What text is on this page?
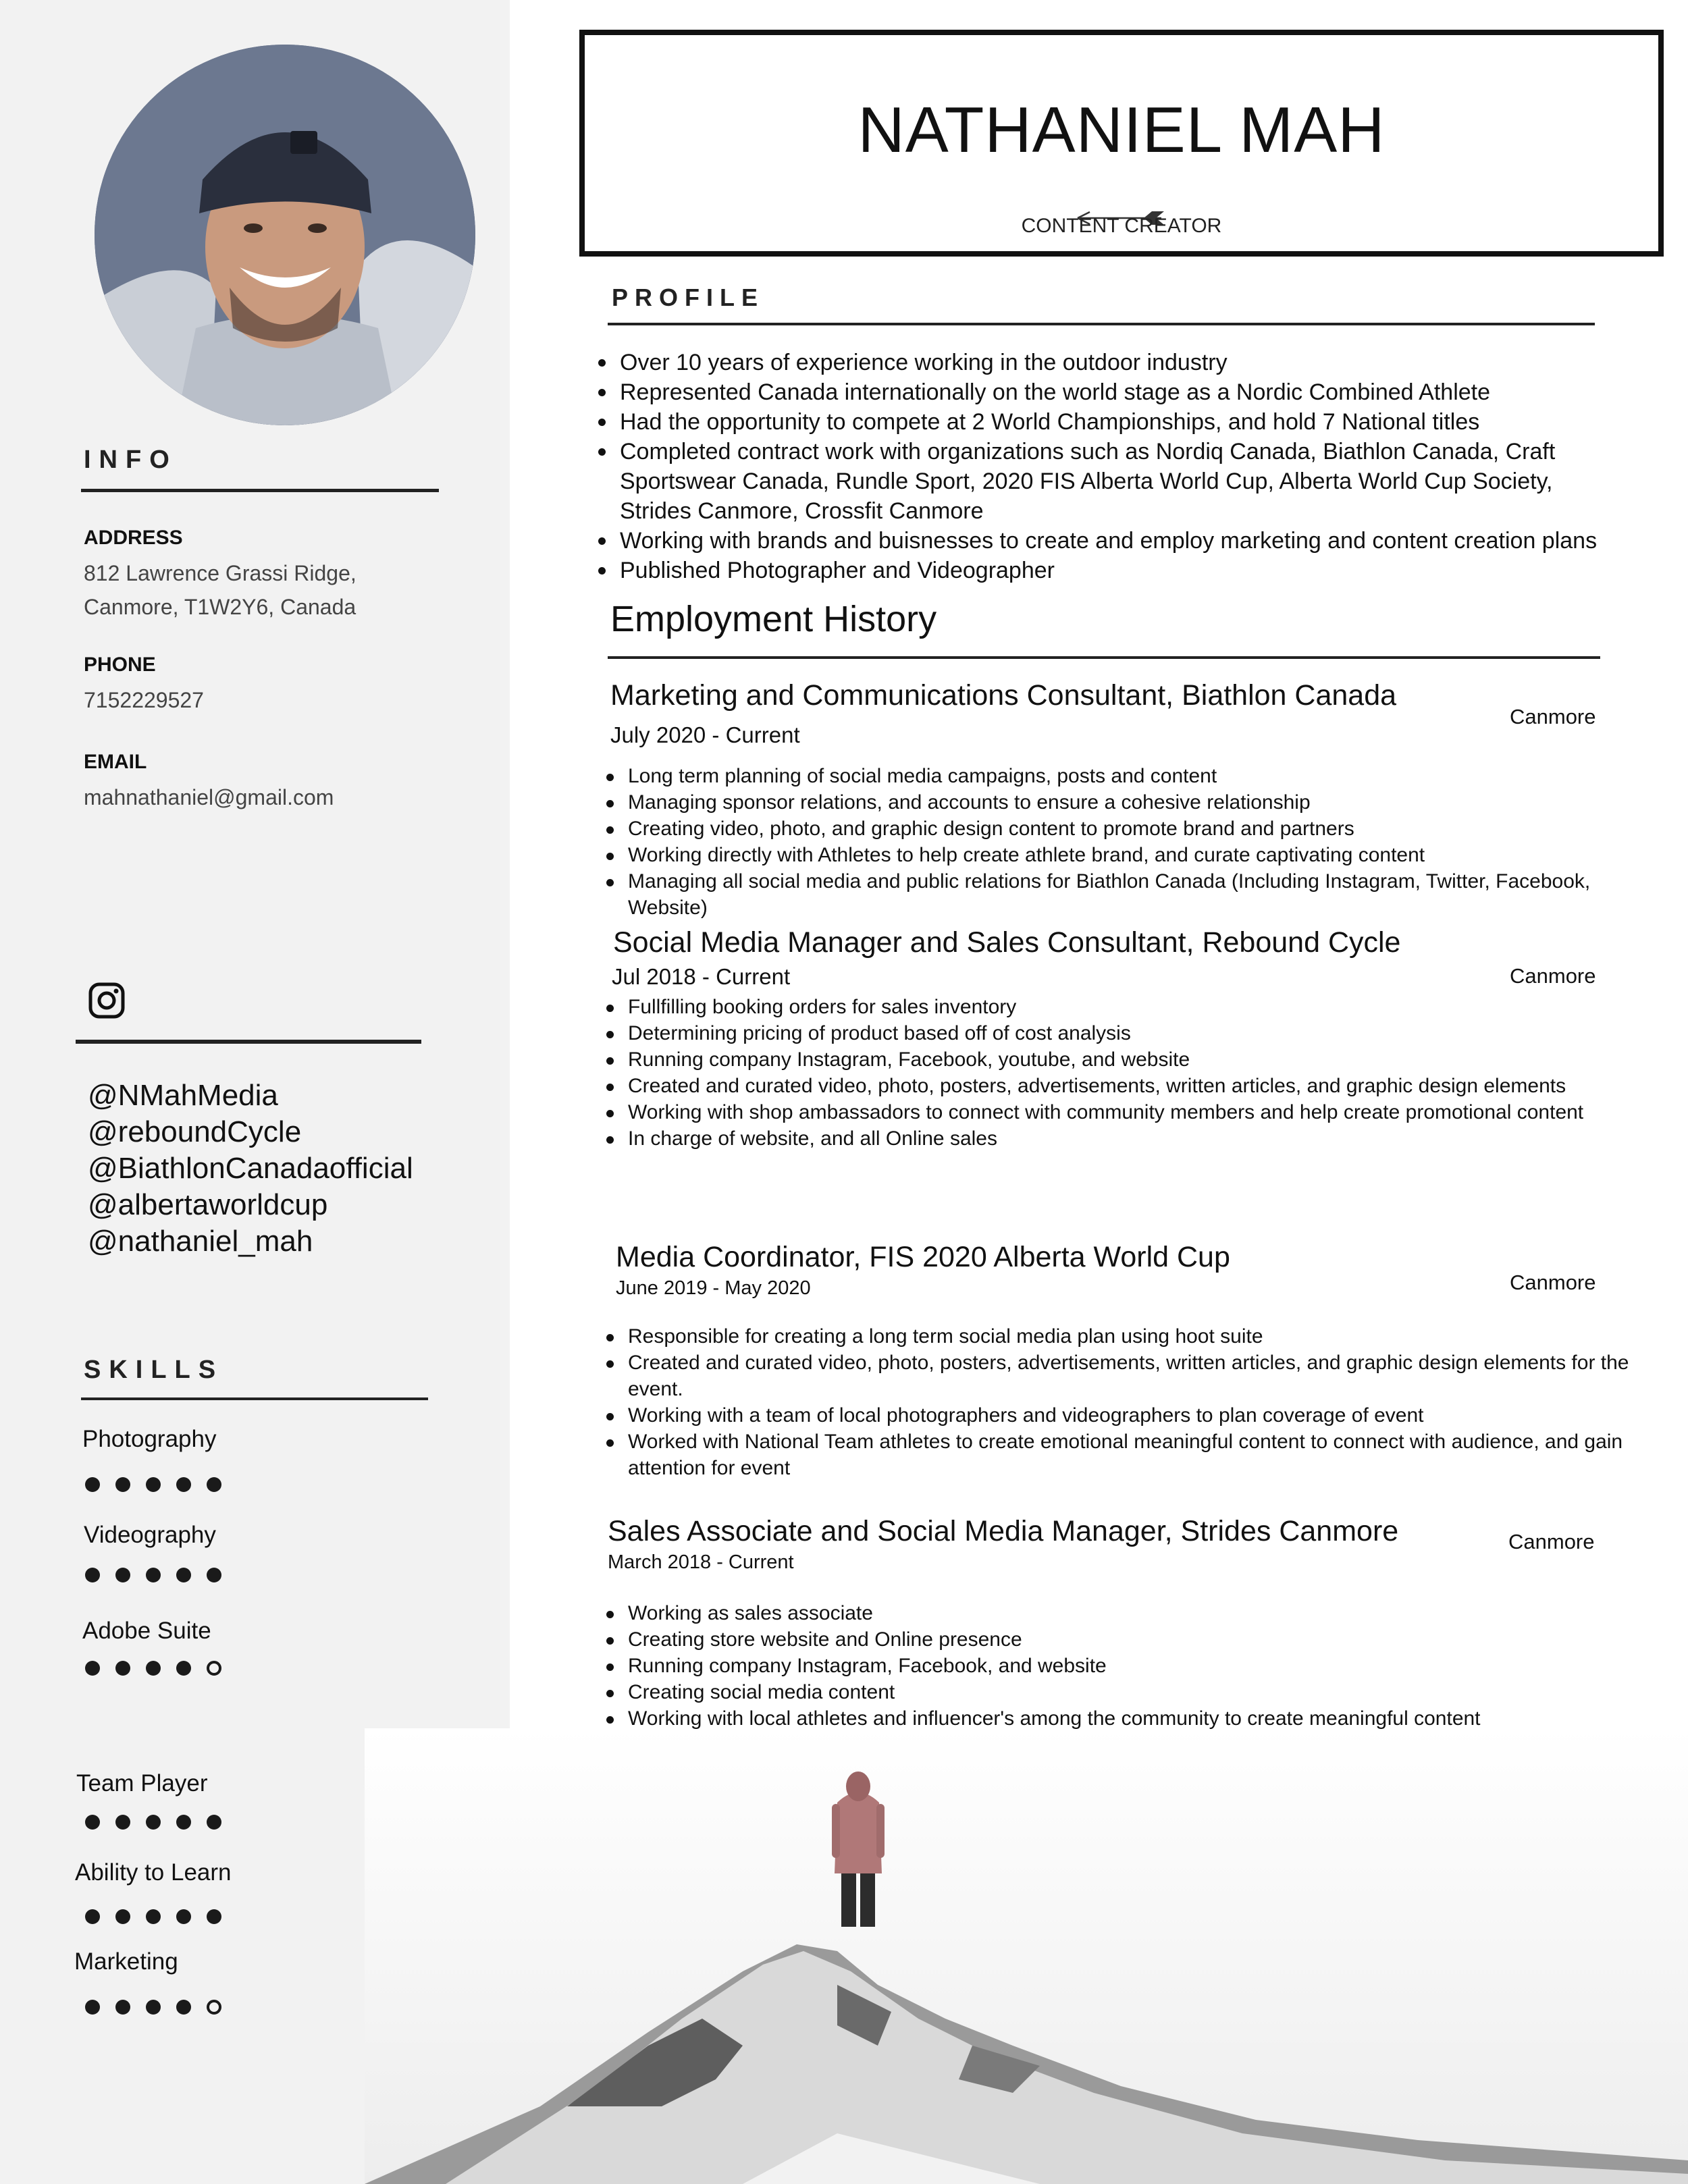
INFO
ADDRESS
812 Lawrence Grassi Ridge,
Canmore, T1W2Y6, Canada
PHONE
7152229527
EMAIL
mahnathaniel@gmail.com
@NMahMedia
@reboundCycle
@BiathlonCanadaofficial
@albertaworldcup
@nathaniel_mah
SKILLS
Photography
Videography
Adobe Suite
Team Player
Ability to Learn
Marketing
NATHANIEL MAH
CONTENT CREATOR
PROFILE
Over 10 years of experience working in the outdoor industry
Represented Canada internationally on the world stage as a Nordic Combined Athlete
Had the opportunity to compete at 2 World Championships, and hold 7 National titles
Completed contract work with organizations such as Nordiq Canada, Biathlon Canada, Craft Sportswear Canada, Rundle Sport, 2020 FIS Alberta World Cup, Alberta World Cup Society, Strides Canmore, Crossfit Canmore
Working with brands and buisnesses to create and employ marketing and content creation plans
Published Photographer and Videographer
Employment History
Marketing and Communications Consultant, Biathlon Canada
July 2020 - Current
Canmore
Long term planning of social media campaigns, posts and content
Managing sponsor relations, and accounts to ensure a cohesive relationship
Creating video, photo, and graphic design content to promote brand and partners
Working directly with Athletes to help create athlete brand, and curate captivating content
Managing all social media and public relations for Biathlon Canada (Including Instagram, Twitter, Facebook, Website)
Social Media Manager and Sales Consultant, Rebound Cycle
Jul 2018 - Current	Canmore
Fullfilling booking orders for sales inventory
Determining pricing of product based off of cost analysis
Running company Instagram, Facebook, youtube, and website
Created and curated video, photo, posters, advertisements, written articles, and graphic design elements
Working with shop ambassadors to connect with community members and help create promotional content
In charge of website, and all Online sales
Media Coordinator, FIS 2020 Alberta World Cup
June 2019 - May 2020	Canmore
Responsible for creating a long term social media plan using hoot suite
Created and curated video, photo, posters, advertisements, written articles, and graphic design elements for the event.
Working with a team of local photographers and videographers to plan coverage of event
Worked with National Team athletes to create emotional meaningful content to connect with audience, and gain attention for event
Sales Associate and Social Media Manager, Strides Canmore
March 2018 - Current
Canmore
Working as sales associate
Creating store website and Online presence
Running company Instagram, Facebook, and website
Creating social media content
Working with local athletes and influencer's among the community to create meaningful content
